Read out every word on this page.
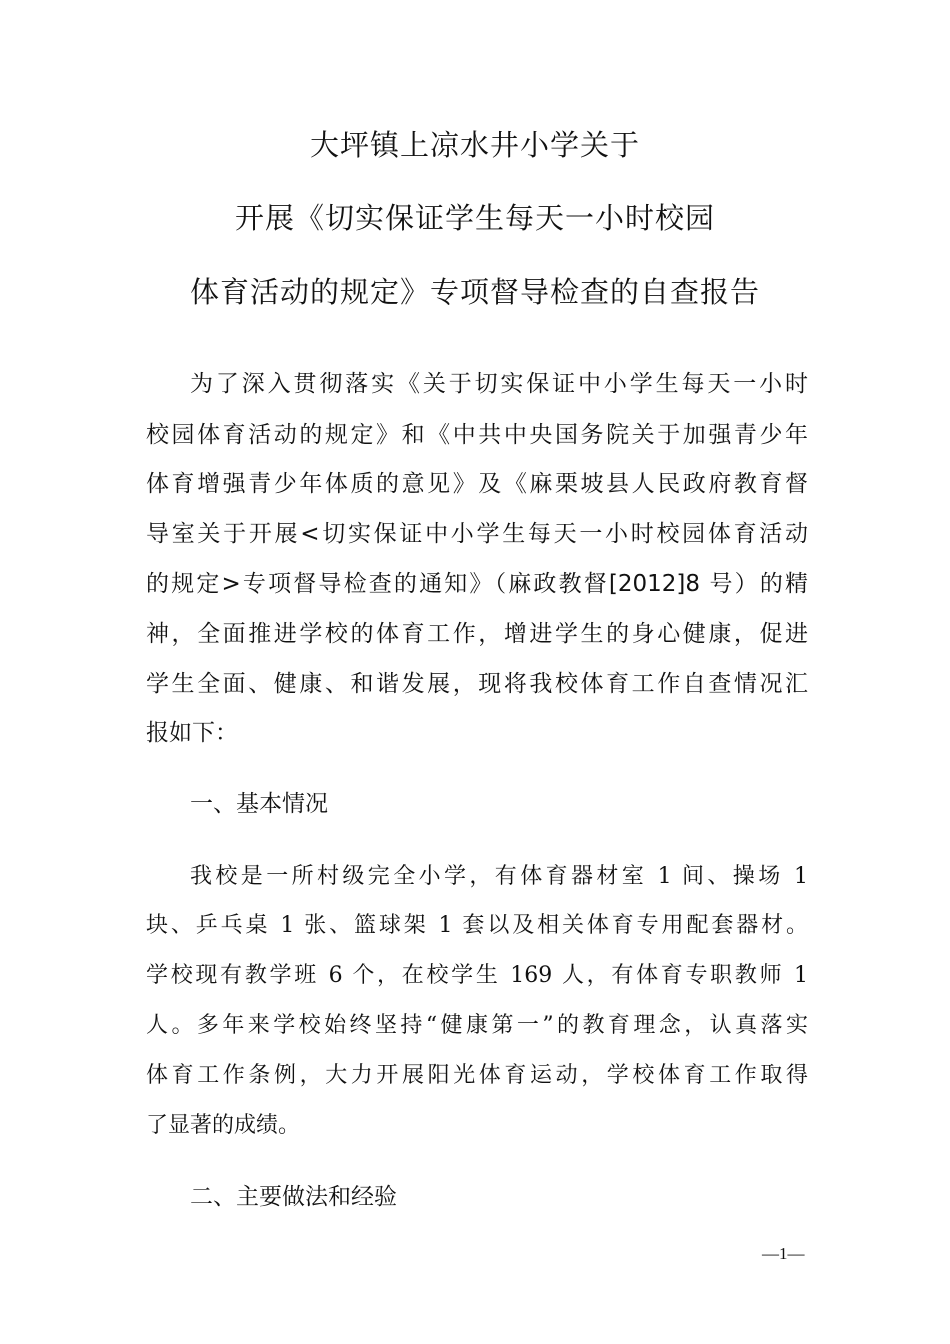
大坪镇上凉水井小学关于
开展《切实保证学生每天一小时校园
体育活动的规定》专项督导检查的自查报告
为了深入贯彻落实《关于切实保证中小学生每天一小时
校园体育活动的规定》和《中共中央国务院关于加强青少年
体育增强青少年体质的意见》及《麻栗坡县人民政府教育督
导室关于开展<切实保证中小学生每天一小时校园体育活动
的规定>专项督导检查的通知》（麻政教督[2012]8 号）的精
神，全面推进学校的体育工作，增进学生的身心健康，促进
学生全面、健康、和谐发展，现将我校体育工作自查情况汇
报如下：
一、基本情况
我校是一所村级完全小学，有体育器材室 1 间、操场 1
块、乒乓桌 1 张、篮球架 1 套以及相关体育专用配套器材。
学校现有教学班 6 个，在校学生 169 人，有体育专职教师 1
人。多年来学校始终坚持“健康第一”的教育理念，认真落实
体育工作条例，大力开展阳光体育运动，学校体育工作取得
了显著的成绩。
二、主要做法和经验
—1—
